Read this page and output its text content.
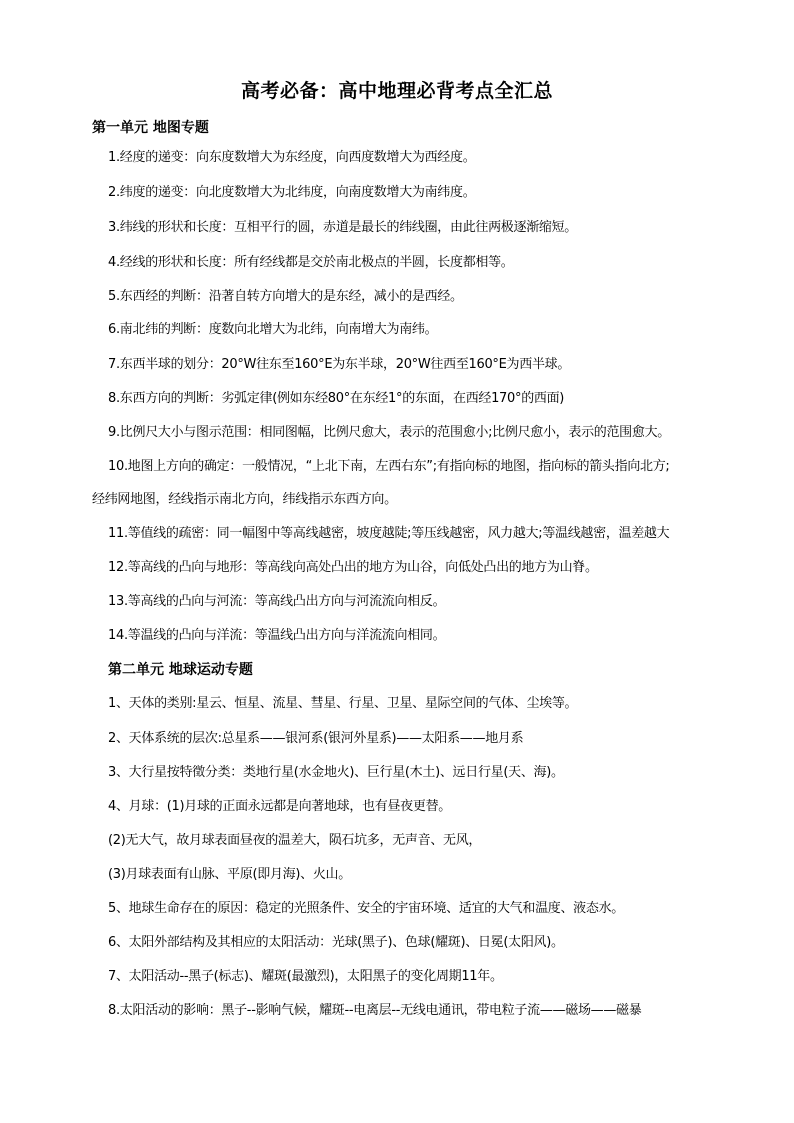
高考必备：高中地理必背考点全汇总
第一单元 地图专题
1.经度的递变：向东度数增大为东经度，向西度数增大为西经度。
2.纬度的递变：向北度数增大为北纬度，向南度数增大为南纬度。
3.纬线的形状和长度：互相平行的圆，赤道是最长的纬线圈，由此往两极逐渐缩短。
4.经线的形状和长度：所有经线都是交於南北极点的半圆，长度都相等。
5.东西经的判断：沿著自转方向增大的是东经，减小的是西经。
6.南北纬的判断：度数向北增大为北纬，向南增大为南纬。
7.东西半球的划分：20°W往东至160°E为东半球，20°W往西至160°E为西半球。
8.东西方向的判断：劣弧定律(例如东经80°在东经1°的东面，在西经170°的西面)
9.比例尺大小与图示范围：相同图幅，比例尺愈大，表示的范围愈小;比例尺愈小，表示的范围愈大。
10.地图上方向的确定：一般情况，“上北下南，左西右东”;有指向标的地图，指向标的箭头指向北方;
经纬网地图，经线指示南北方向，纬线指示东西方向。
11.等值线的疏密：同一幅图中等高线越密，坡度越陡;等压线越密，风力越大;等温线越密，温差越大
12.等高线的凸向与地形：等高线向高处凸出的地方为山谷，向低处凸出的地方为山脊。
13.等高线的凸向与河流：等高线凸出方向与河流流向相反。
14.等温线的凸向与洋流：等温线凸出方向与洋流流向相同。
第二单元 地球运动专题
1、天体的类别:星云、恒星、流星、彗星、行星、卫星、星际空间的气体、尘埃等。
2、天体系统的层次:总星系——银河系(银河外星系)——太阳系——地月系
3、大行星按特徵分类：类地行星(水金地火)、巨行星(木土)、远日行星(天、海)。
4、月球：(1)月球的正面永远都是向著地球，也有昼夜更替。
(2)无大气，故月球表面昼夜的温差大，陨石坑多，无声音、无风，
(3)月球表面有山脉、平原(即月海)、火山。
5、地球生命存在的原因：稳定的光照条件、安全的宇宙环境、适宜的大气和温度、液态水。
6、太阳外部结构及其相应的太阳活动：光球(黑子)、色球(耀斑)、日冕(太阳风)。
7、太阳活动--黑子(标志)、耀斑(最激烈)，太阳黑子的变化周期11年。
8.太阳活动的影响：黑子--影响气候，耀斑--电离层--无线电通讯，带电粒子流——磁场——磁暴
